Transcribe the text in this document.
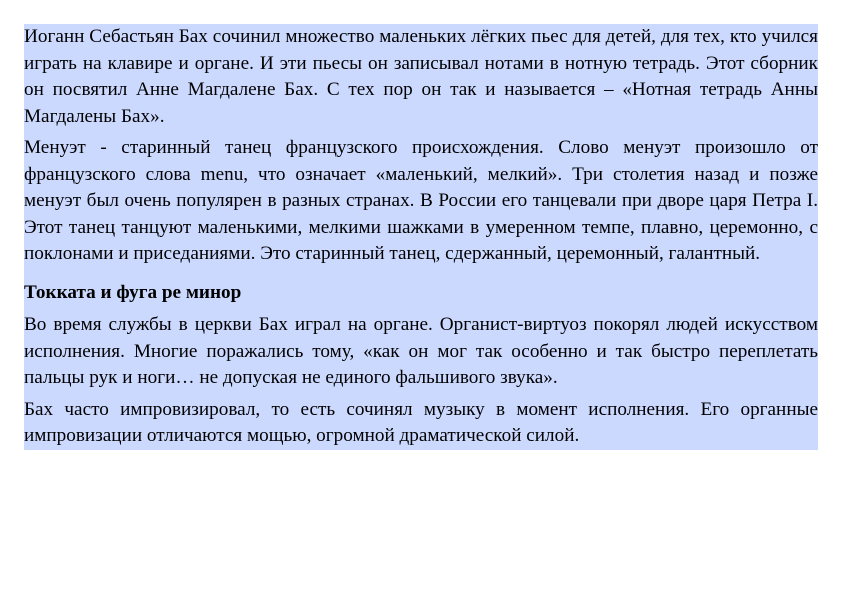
Иоганн Себастьян Бах сочинил множество маленьких лёгких пьес для детей, для тех, кто учился играть на клавире и органе. И эти пьесы он записывал нотами в нотную тетрадь. Этот сборник он посвятил Анне Магдалене Бах. С тех пор он так и называется – «Нотная тетрадь Анны Магдалены Бах».

Менуэт - старинный танец французского происхождения. Слово менуэт произошло от французского слова menu, что означает «маленький, мелкий». Три столетия назад и позже менуэт был очень популярен в разных странах. В России его танцевали при дворе царя Петра I. Этот танец танцуют маленькими, мелкими шажками в умеренном темпе, плавно, церемонно, с поклонами и приседаниями. Это старинный танец, сдержанный, церемонный, галантный.

Токката и фуга ре минор

Во время службы в церкви Бах играл на органе. Органист-виртуоз покорял людей искусством исполнения. Многие поражались тому, «как он мог так особенно и так быстро переплетать пальцы рук и ноги… не допуская не единого фальшивого звука».

Бах часто импровизировал, то есть сочинял музыку в момент исполнения. Его органные импровизации отличаются мощью, огромной драматической силой.
